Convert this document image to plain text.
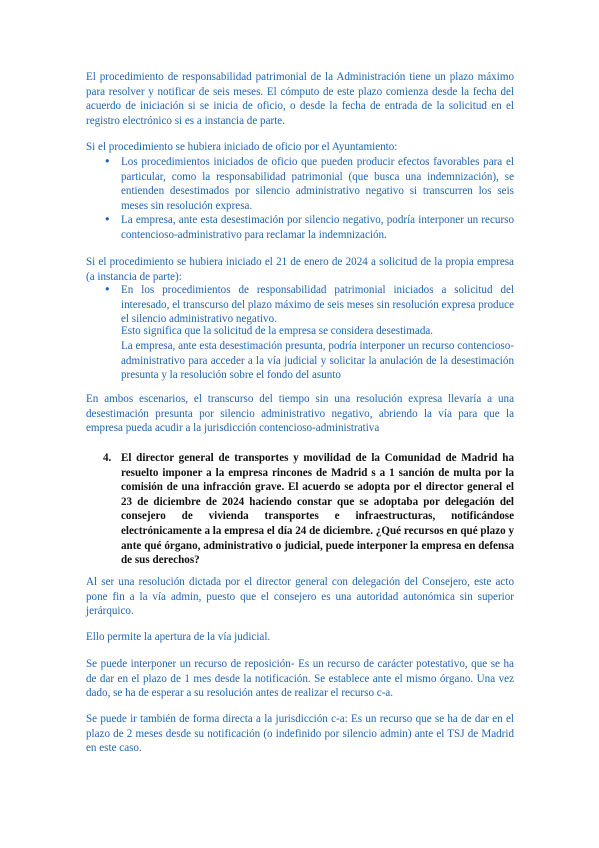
El procedimiento de responsabilidad patrimonial de la Administración tiene un plazo máximo para resolver y notificar de seis meses. El cómputo de este plazo comienza desde la fecha del acuerdo de iniciación si se inicia de oficio, o desde la fecha de entrada de la solicitud en el registro electrónico si es a instancia de parte.
Si el procedimiento se hubiera iniciado de oficio por el Ayuntamiento:
• Los procedimientos iniciados de oficio que pueden producir efectos favorables para el particular, como la responsabilidad patrimonial (que busca una indemnización), se entienden desestimados por silencio administrativo negativo si transcurren los seis meses sin resolución expresa.
• La empresa, ante esta desestimación por silencio negativo, podría interponer un recurso contencioso-administrativo para reclamar la indemnización.
Si el procedimiento se hubiera iniciado el 21 de enero de 2024 a solicitud de la propia empresa (a instancia de parte):
• En los procedimientos de responsabilidad patrimonial iniciados a solicitud del interesado, el transcurso del plazo máximo de seis meses sin resolución expresa produce el silencio administrativo negativo.
Esto significa que la solicitud de la empresa se considera desestimada.
La empresa, ante esta desestimación presunta, podría interponer un recurso contencioso-administrativo para acceder a la vía judicial y solicitar la anulación de la desestimación presunta y la resolución sobre el fondo del asunto
En ambos escenarios, el transcurso del tiempo sin una resolución expresa llevaría a una desestimación presunta por silencio administrativo negativo, abriendo la vía para que la empresa pueda acudir a la jurisdicción contencioso-administrativa
4. El director general de transportes y movilidad de la Comunidad de Madrid ha resuelto imponer a la empresa rincones de Madrid s a 1 sanción de multa por la comisión de una infracción grave. El acuerdo se adopta por el director general el 23 de diciembre de 2024 haciendo constar que se adoptaba por delegación del consejero de vivienda transportes e infraestructuras, notificándose electrónicamente a la empresa el día 24 de diciembre. ¿Qué recursos en qué plazo y ante qué órgano, administrativo o judicial, puede interponer la empresa en defensa de sus derechos?
Al ser una resolución dictada por el director general con delegación del Consejero, este acto pone fin a la vía admin, puesto que el consejero es una autoridad autonómica sin superior jerárquico.
Ello permite la apertura de la vía judicial.
Se puede interponer un recurso de reposición- Es un recurso de carácter potestativo, que se ha de dar en el plazo de 1 mes desde la notificación. Se establece ante el mismo órgano. Una vez dado, se ha de esperar a su resolución antes de realizar el recurso c-a.
Se puede ir también de forma directa a la jurisdicción c-a: Es un recurso que se ha de dar en el plazo de 2 meses desde su notificación (o indefinido por silencio admin) ante el TSJ de Madrid en este caso.
